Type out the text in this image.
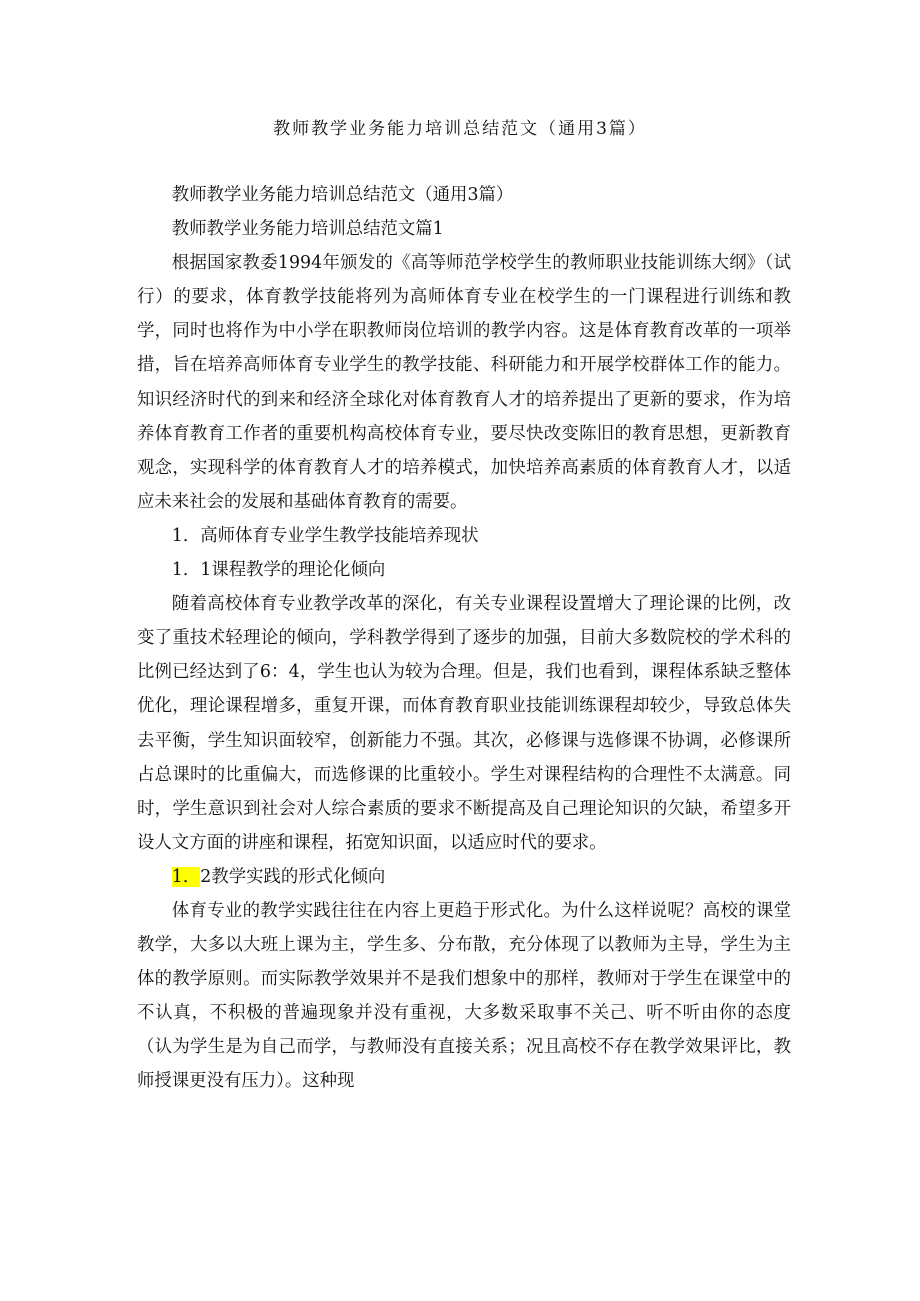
教师教学业务能力培训总结范文（通用3篇）

教师教学业务能力培训总结范文（通用3篇）

教师教学业务能力培训总结范文篇1

根据国家教委1994年颁发的《高等师范学校学生的教师职业技能训练大纲》（试行）的要求，体育教学技能将列为高师体育专业在校学生的一门课程进行训练和教学，同时也将作为中小学在职教师岗位培训的教学内容。这是体育教育改革的一项举措，旨在培养高师体育专业学生的教学技能、科研能力和开展学校群体工作的能力。知识经济时代的到来和经济全球化对体育教育人才的培养提出了更新的要求，作为培养体育教育工作者的重要机构高校体育专业，要尽快改变陈旧的教育思想，更新教育观念，实现科学的体育教育人才的培养模式，加快培养高素质的体育教育人才，以适应未来社会的发展和基础体育教育的需要。

1．高师体育专业学生教学技能培养现状

1．1课程教学的理论化倾向

随着高校体育专业教学改革的深化，有关专业课程设置增大了理论课的比例，改变了重技术轻理论的倾向，学科教学得到了逐步的加强，目前大多数院校的学术科的比例已经达到了6：4，学生也认为较为合理。但是，我们也看到，课程体系缺乏整体优化，理论课程增多，重复开课，而体育教育职业技能训练课程却较少，导致总体失去平衡，学生知识面较窄，创新能力不强。其次，必修课与选修课不协调，必修课所占总课时的比重偏大，而选修课的比重较小。学生对课程结构的合理性不太满意。同时，学生意识到社会对人综合素质的要求不断提高及自己理论知识的欠缺，希望多开设人文方面的讲座和课程，拓宽知识面，以适应时代的要求。

1．2教学实践的形式化倾向

体育专业的教学实践往往在内容上更趋于形式化。为什么这样说呢？高校的课堂教学，大多以大班上课为主，学生多、分布散，充分体现了以教师为主导，学生为主体的教学原则。而实际教学效果并不是我们想象中的那样，教师对于学生在课堂中的不认真，不积极的普遍现象并没有重视，大多数采取事不关己、听不听由你的态度（认为学生是为自己而学，与教师没有直接关系；况且高校不存在教学效果评比，教师授课更没有压力）。这种现
